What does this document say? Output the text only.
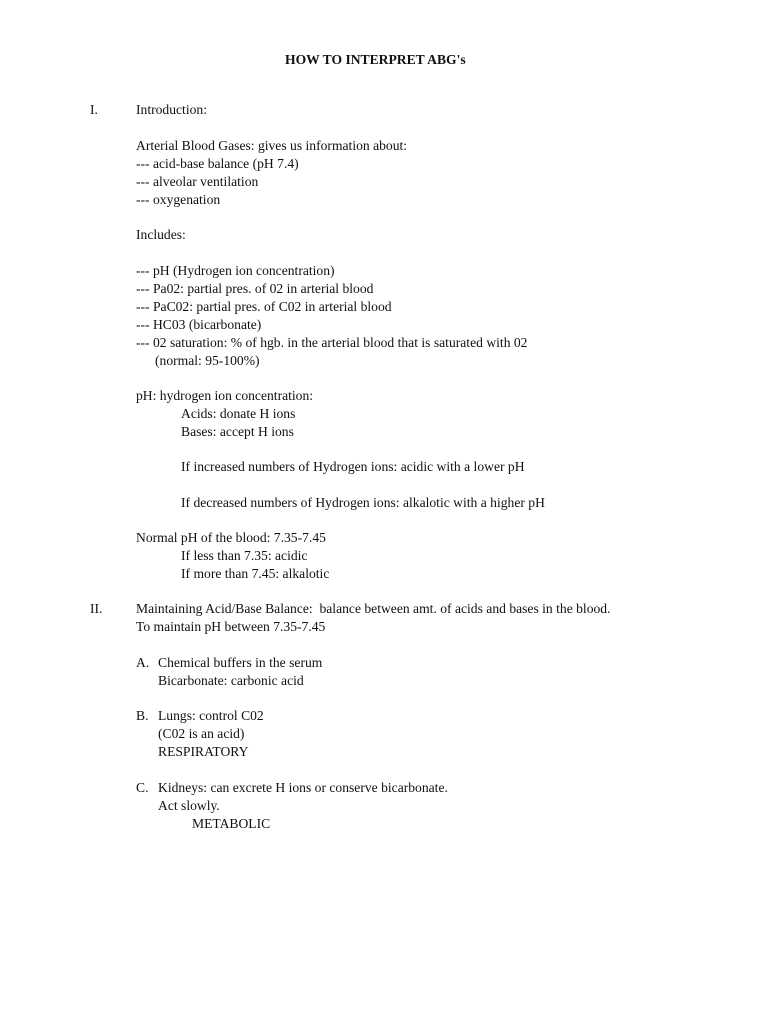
HOW TO INTERPRET ABG's
I.	Introduction:
Arterial Blood Gases: gives us information about:
--- acid-base balance (pH 7.4)
--- alveolar ventilation
--- oxygenation
Includes:
--- pH (Hydrogen ion concentration)
--- Pa02: partial pres. of 02 in arterial blood
--- PaC02: partial pres. of C02 in arterial blood
--- HC03 (bicarbonate)
--- 02 saturation: % of hgb. in the arterial blood that is saturated with 02
(normal: 95-100%)
pH: hydrogen ion concentration:
Acids: donate H ions
Bases: accept H ions
If increased numbers of Hydrogen ions: acidic with a lower pH
If decreased numbers of Hydrogen ions: alkalotic with a higher pH
Normal pH of the blood: 7.35-7.45
If less than 7.35: acidic
If more than 7.45: alkalotic
II. Maintaining Acid/Base Balance:  balance between amt. of acids and bases in the blood.
To maintain pH between 7.35-7.45
A. Chemical buffers in the serum
Bicarbonate: carbonic acid
B. Lungs: control C02
(C02 is an acid)
RESPIRATORY
C. Kidneys: can excrete H ions or conserve bicarbonate.
Act slowly.
METABOLIC
